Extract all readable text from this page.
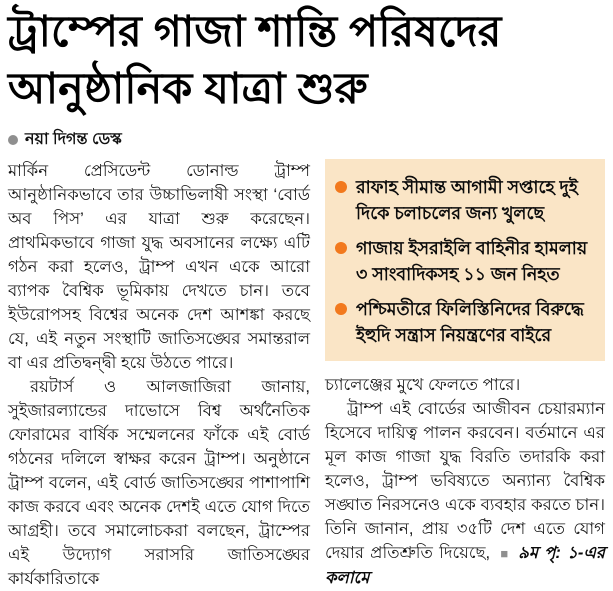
ট্রাম্পের গাজা শান্তি পরিষদের
আনুষ্ঠানিক যাত্রা শুরু
নয়া দিগন্ত ডেস্ক

মার্কিন প্রেসিডেন্ট ডোনাল্ড ট্রাম্প আনুষ্ঠানিকভাবে তার উচ্চাভিলাষী সংস্থা ‘বোর্ড অব পিস’ এর যাত্রা শুরু করেছেন। প্রাথমিকভাবে গাজা যুদ্ধ অবসানের লক্ষ্যে এটি গঠন করা হলেও, ট্রাম্প এখন একে আরো ব্যাপক বৈশ্বিক ভূমিকায় দেখতে চান। তবে ইউরোপসহ বিশ্বের অনেক দেশ আশঙ্কা করছে যে, এই নতুন সংস্থাটি জাতিসঙ্ঘের সমান্তরাল বা এর প্রতিদ্বন্দ্বী হয়ে উঠতে পারে।

রয়টার্স ও আলজাজিরা জানায়, সুইজারল্যান্ডের দাভোসে বিশ্ব অর্থনৈতিক ফোরামের বার্ষিক সম্মেলনের ফাঁকে এই বোর্ড গঠনের দলিলে স্বাক্ষর করেন ট্রাম্প। অনুষ্ঠানে ট্রাম্প বলেন, এই বোর্ড জাতিসঙ্ঘের পাশাপাশি কাজ করবে এবং অনেক দেশই এতে যোগ দিতে আগ্রহী। তবে সমালোচকরা বলছেন, ট্রাম্পের এই উদ্যোগ সরাসরি জাতিসঙ্ঘের কার্যকারিতাকে

রাফাহ সীমান্ত আগামী সপ্তাহে দুই দিকে চলাচলের জন্য খুলছে
গাজায় ইসরাইলি বাহিনীর হামলায় ৩ সাংবাদিকসহ ১১ জন নিহত
পশ্চিমতীরে ফিলিস্তিনিদের বিরুদ্ধে ইহুদি সন্ত্রাস নিয়ন্ত্রণের বাইরে

চ্যালেঞ্জের মুখে ফেলতে পারে।

ট্রাম্প এই বোর্ডের আজীবন চেয়ারম্যান হিসেবে দায়িত্ব পালন করবেন। বর্তমানে এর মূল কাজ গাজা যুদ্ধ বিরতি তদারকি করা হলেও, ট্রাম্প ভবিষ্যতে অন্যান্য বৈশ্বিক সঙ্ঘাত নিরসনেও একে ব্যবহার করতে চান। তিনি জানান, প্রায় ৩৫টি দেশ এতে যোগ দেয়ার প্রতিশ্রুতি দিয়েছে, ■ ৯ম পৃ: ১-এর কলামে
